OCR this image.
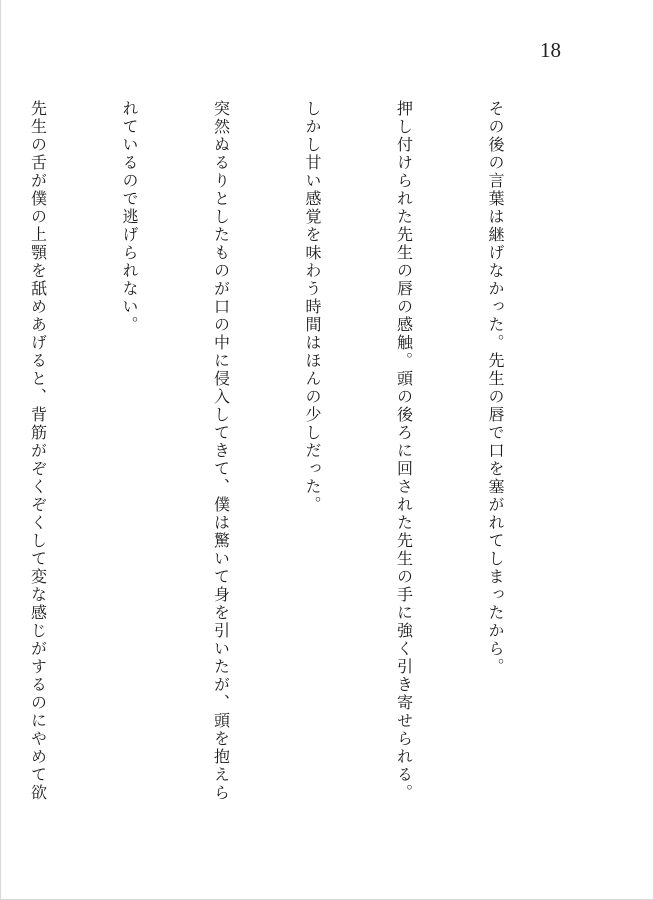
18

その後の言葉は継げなかった。先生の唇で口を塞がれてしまったから。

押し付けられた先生の唇の感触。頭の後ろに回された先生の手に強く引き寄せられる。

しかし甘い感覚を味わう時間はほんの少しだった。

突然ぬるりとしたものが口の中に侵入してきて、僕は驚いて身を引いたが、頭を抱えら

れているので逃げられない。

先生の舌が僕の上顎を舐めあげると、背筋がぞくぞくして変な感じがするのにやめて欲
